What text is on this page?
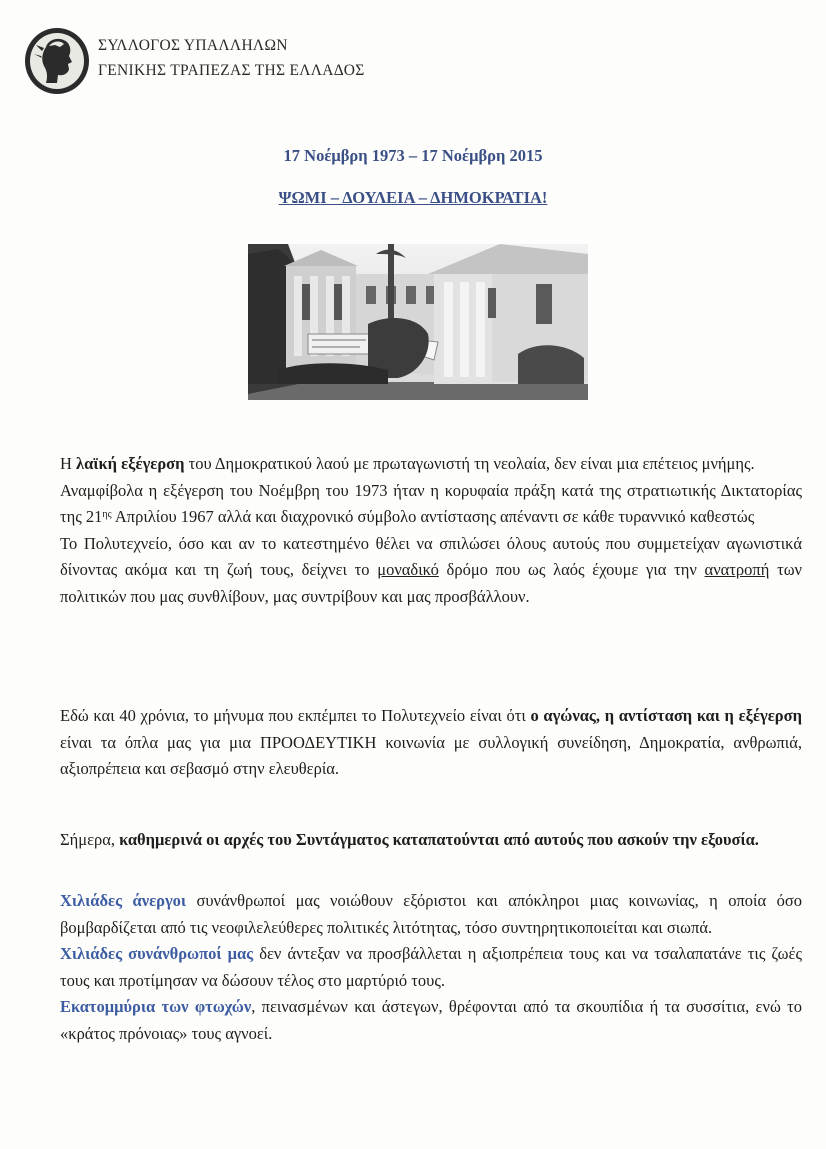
ΣΥΛΛΟΓΟΣ ΥΠΑΛΛΗΛΩΝ
ΓΕΝΙΚΗΣ ΤΡΑΠΕΖΑΣ ΤΗΣ ΕΛΛΑΔΟΣ
17 Νοέμβρη 1973 – 17 Νοέμβρη 2015
ΨΩΜΙ – ΔΟΥΛΕΙΑ – ΔΗΜΟΚΡΑΤΙΑ!

Η λαϊκή εξέγερση του Δημοκρατικού λαού με πρωταγωνιστή τη νεολαία, δεν είναι μια επέτειος μνήμης.

Αναμφίβολα η εξέγερση του Νοέμβρη του 1973 ήταν η κορυφαία πράξη κατά της στρατιωτικής Δικτατορίας της $21^{\eta\varsigma}$ Απριλίου 1967 αλλά και διαχρονικό σύμβολο αντίστασης απέναντι σε κάθε τυραννικό καθεστώς

Το Πολυτεχνείο, όσο και αν το κατεστημένο θέλει να σπιλώσει όλους αυτούς που συμμετείχαν αγωνιστικά δίνοντας ακόμα και τη ζωή τους, δείχνει το μοναδικό δρόμο που ως λαός έχουμε για την ανατροπή των πολιτικών που μας συνθλίβουν, μας συντρίβουν και μας προσβάλλουν.

Εδώ και 40 χρόνια, το μήνυμα που εκπέμπει το Πολυτεχνείο είναι ότι ο αγώνας, η αντίσταση και η εξέγερση είναι τα όπλα μας για μια ΠΡΟΟΔΕΥΤΙΚΗ κοινωνία με συλλογική συνείδηση, Δημοκρατία, ανθρωπιά, αξιοπρέπεια και σεβασμό στην ελευθερία.

Σήμερα, καθημερινά οι αρχές του Συντάγματος καταπατούνται από αυτούς που ασκούν την εξουσία.

Χιλιάδες άνεργοι συνάνθρωποί μας νοιώθουν εξόριστοι και απόκληροι μιας κοινωνίας, η οποία όσο βομβαρδίζεται από τις νεοφιλελεύθερες πολιτικές λιτότητας, τόσο συντηρητικοποιείται και σιωπά.

Χιλιάδες συνάνθρωποί μας δεν άντεξαν να προσβάλλεται η αξιοπρέπεια τους και να τσαλαπατάνε τις ζωές τους και προτίμησαν να δώσουν τέλος στο μαρτύριό τους.

Εκατομμύρια των φτωχών, πεινασμένων και άστεγων, θρέφονται από τα σκουπίδια ή τα συσσίτια, ενώ το «κράτος πρόνοιας» τους αγνοεί.
